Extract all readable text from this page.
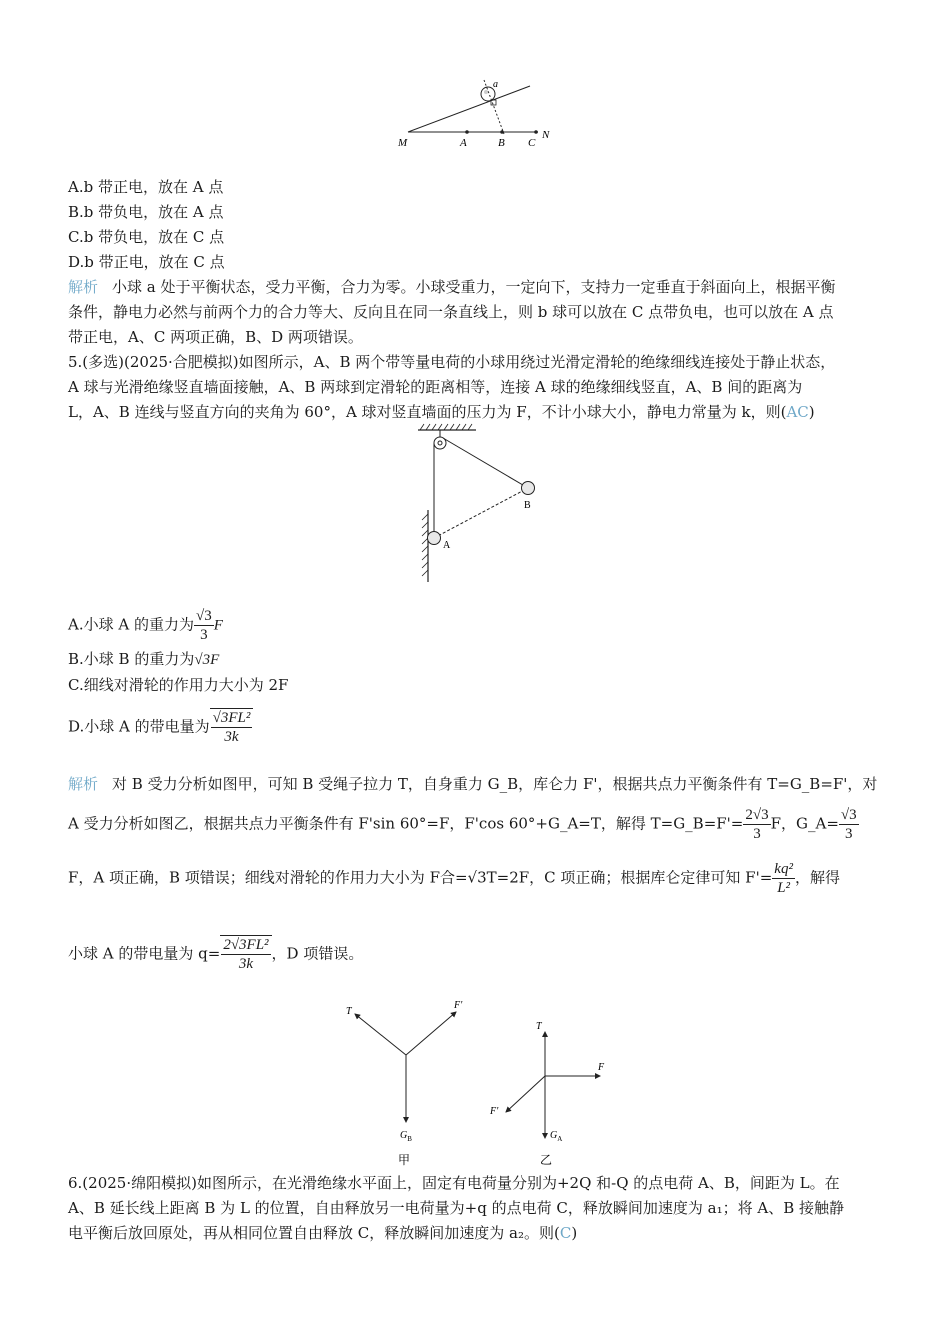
a
M	A	B C
N
A.b 带正电，放在 A 点
B.b 带负电，放在 A 点
C.b 带负电，放在 C 点
D.b 带正电，放在 C 点
解析 小球 a 处于平衡状态，受力平衡，合力为零。小球受重力，一定向下，支持力一定垂直于斜面向上，根据平衡
条件，静电力必然与前两个力的合力等大、反向且在同一条直线上，则 b 球可以放在 C 点带负电，也可以放在 A 点
带正电，A、C 两项正确，B、D 两项错误。
5.(多选)(2025·合肥模拟)如图所示，A、B 两个带等量电荷的小球用绕过光滑定滑轮的绝缘细线连接处于静止状态，
A 球与光滑绝缘竖直墙面接触，A、B 两球到定滑轮的距离相等，连接 A 球的绝缘细线竖直，A、B 间的距离为
L，A、B 连线与竖直方向的夹角为 60°，A 球对竖直墙面的压力为 F，不计小球大小，静电力常量为 k，则(AC)
A
B
A.小球 A 的重力为 $\frac{√3}{3}$ F
B.小球 B 的重力为√3F
C.细线对滑轮的作用力大小为 2F
D.小球 A 的带电量为 $\frac{\text{√3FL²}}{3k}$
解析 对 B 受力分析如图甲，可知 B 受绳子拉力 T，自身重力 G_B，库仑力 F'，根据共点力平衡条件有 T=G_B=F'，对
A 受力分析如图乙，根据共点力平衡条件有 F'sin 60°=F，F'cos 60°+G_A=T，解得 T=G_B=F'= $\frac{2√3}{3}$ F，G_A= $\frac{√3}{3}$
F，A 项正确，B 项错误；细线对滑轮的作用力大小为 F合=√3T=2F，C 项正确；根据库仑定律可知 $F'= \frac{\text{kq²}}{\text{L²}}$ ，解得
小球 A 的带电量为 $q= \frac{\text{2√3FL²}}{3k}$ ，D 项错误。
T
F'
$G_B$
甲
T
F
F'
$G_A$
乙
6.(2025·绵阳模拟)如图所示，在光滑绝缘水平面上，固定有电荷量分别为+2Q 和-Q 的点电荷 A、B，间距为 L。在
A、B 延长线上距离 B 为 L 的位置，自由释放另一电荷量为+q 的点电荷 C，释放瞬间加速度为 a₁；将 A、B 接触静
电平衡后放回原处，再从相同位置自由释放 C，释放瞬间加速度为 a₂。则(C)
